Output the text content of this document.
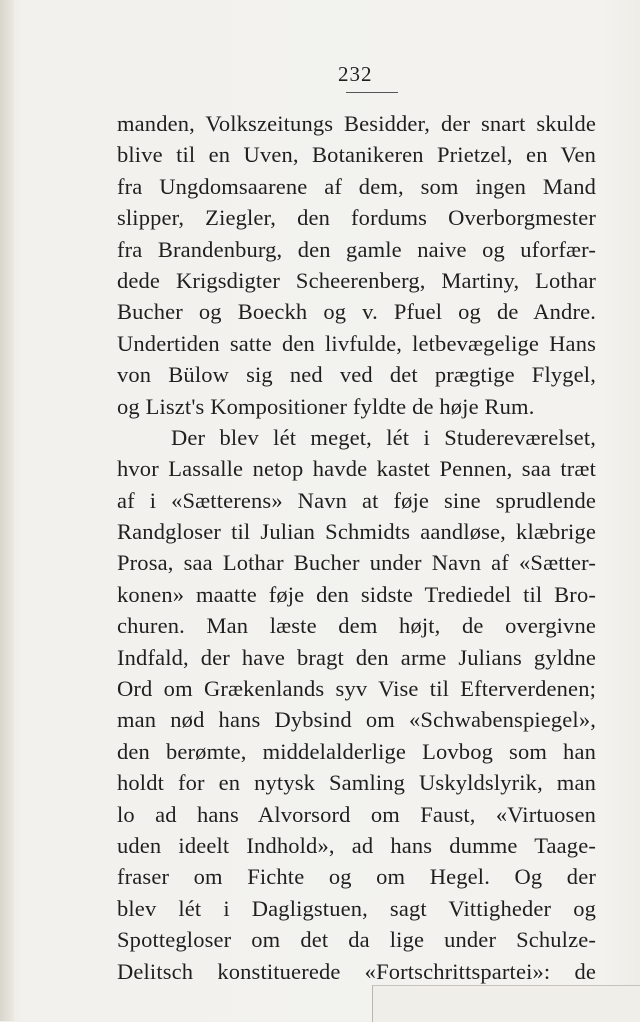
232
manden, Volkszeitungs Besidder, der snart skulde
blive til en Uven, Botanikeren Prietzel, en Ven
fra Ungdomsaarene af dem, som ingen Mand
slipper, Ziegler, den fordums Overborgmester
fra Brandenburg, den gamle naive og uforfær-
dede Krigsdigter Scheerenberg, Martiny, Lothar
Bucher og Boeckh og v. Pfuel og de Andre.
Undertiden satte den livfulde, letbevægelige Hans
von Bülow sig ned ved det prægtige Flygel,
og Liszt's Kompositioner fyldte de høje Rum.
Der blev lét meget, lét i Studereværelset,
hvor Lassalle netop havde kastet Pennen, saa træt
af i «Sætterens» Navn at føje sine sprudlende
Randgloser til Julian Schmidts aandløse, klæbrige
Prosa, saa Lothar Bucher under Navn af «Sætter-
konen» maatte føje den sidste Trediedel til Bro-
churen. Man læste dem højt, de overgivne
Indfald, der have bragt den arme Julians gyldne
Ord om Grækenlands syv Vise til Efterverdenen;
man nød hans Dybsind om «Schwabenspiegel»,
den berømte, middelalderlige Lovbog som han
holdt for en nytysk Samling Uskyldslyrik, man
lo ad hans Alvorsord om Faust, «Virtuosen
uden ideelt Indhold», ad hans dumme Taage-
fraser om Fichte og om Hegel. Og der
blev lét i Dagligstuen, sagt Vittigheder og
Spottegloser om det da lige under Schulze-
Delitsch konstituerede «Fortschrittspartei»: de
